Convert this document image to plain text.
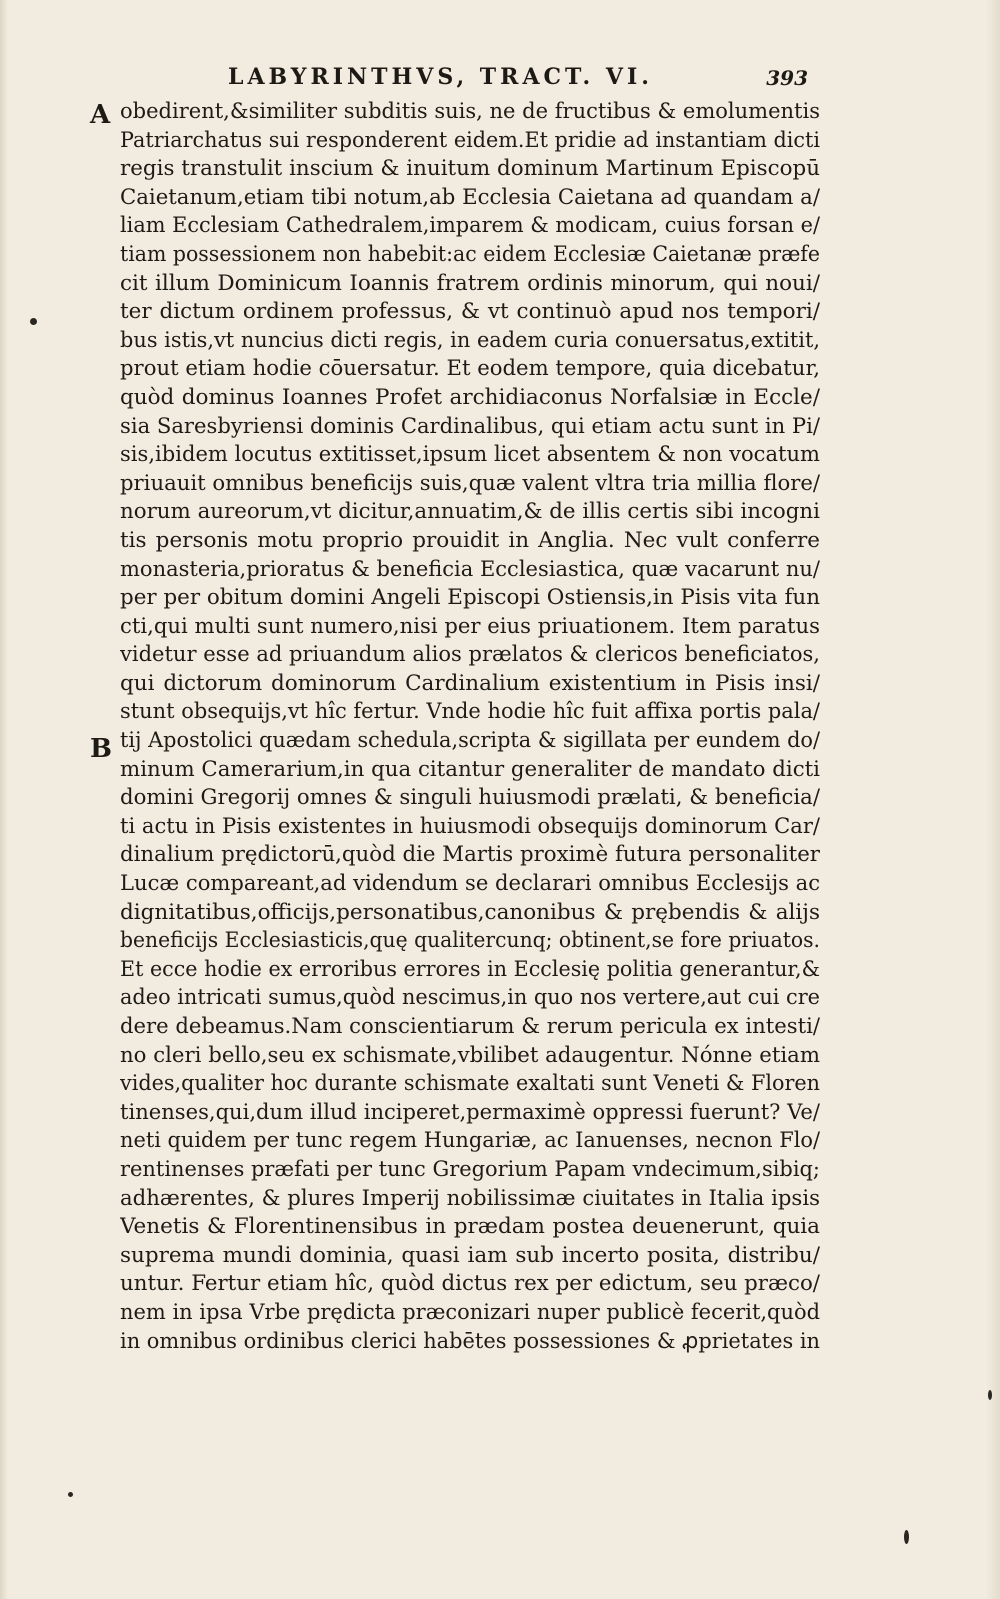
LABYRINTHVS, TRACT. VI.	393
A
B
obedirent,&similiter subditis suis, ne de fructibus & emolumentis
Patriarchatus sui responderent eidem.Et pridie ad instantiam dicti
regis transtulit inscium & inuitum dominum Martinum Episcopū
Caietanum,etiam tibi notum,ab Ecclesia Caietana ad quandam a/
liam Ecclesiam Cathedralem,imparem & modicam, cuius forsan e/
tiam possessionem non habebit:ac eidem Ecclesiæ Caietanæ præfe
cit illum Dominicum Ioannis fratrem ordinis minorum, qui noui/
ter dictum ordinem professus, & vt continuò apud nos tempori/
bus istis,vt nuncius dicti regis, in eadem curia conuersatus,extitit,
prout etiam hodie cōuersatur. Et eodem tempore, quia dicebatur,
quòd dominus Ioannes Profet archidiaconus Norfalsiæ in Eccle/
sia Saresbyriensi dominis Cardinalibus, qui etiam actu sunt in Pi/
sis,ibidem locutus extitisset,ipsum licet absentem & non vocatum
priuauit omnibus beneficijs suis,quæ valent vltra tria millia flore/
norum aureorum,vt dicitur,annuatim,& de illis certis sibi incogni
tis personis motu proprio prouidit in Anglia. Nec vult conferre
monasteria,prioratus & beneficia Ecclesiastica, quæ vacarunt nu/
per per obitum domini Angeli Episcopi Ostiensis,in Pisis vita fun
cti,qui multi sunt numero,nisi per eius priuationem. Item paratus
videtur esse ad priuandum alios prælatos & clericos beneficiatos,
qui dictorum dominorum Cardinalium existentium in Pisis insi/
stunt obsequijs,vt hîc fertur. Vnde hodie hîc fuit affixa portis pala/
tij Apostolici quædam schedula,scripta & sigillata per eundem do/
minum Camerarium,in qua citantur generaliter de mandato dicti
domini Gregorij omnes & singuli huiusmodi prælati, & beneficia/
ti actu in Pisis existentes in huiusmodi obsequijs dominorum Car/
dinalium prędictorū,quòd die Martis proximè futura personaliter
Lucæ compareant,ad videndum se declarari omnibus Ecclesijs ac
dignitatibus,officijs,personatibus,canonibus & prębendis & alijs
beneficijs Ecclesiasticis,quę qualitercunq; obtinent,se fore priuatos.
Et ecce hodie ex erroribus errores in Ecclesię politia generantur,&
adeo intricati sumus,quòd nescimus,in quo nos vertere,aut cui cre
dere debeamus.Nam conscientiarum & rerum pericula ex intesti/
no cleri bello,seu ex schismate,vbilibet adaugentur. Nónne etiam
vides,qualiter hoc durante schismate exaltati sunt Veneti & Floren
tinenses,qui,dum illud inciperet,permaximè oppressi fuerunt? Ve/
neti quidem per tunc regem Hungariæ, ac Ianuenses, necnon Flo/
rentinenses præfati per tunc Gregorium Papam vndecimum,sibiq;
adhærentes, & plures Imperij nobilissimæ ciuitates in Italia ipsis
Venetis & Florentinensibus in prædam postea deuenerunt, quia
suprema mundi dominia, quasi iam sub incerto posita, distribu/
untur. Fertur etiam hîc, quòd dictus rex per edictum, seu præco/
nem in ipsa Vrbe prędicta præconizari nuper publicè fecerit,quòd
in omnibus ordinibus clerici habētes possessiones & ꝓprietates in
